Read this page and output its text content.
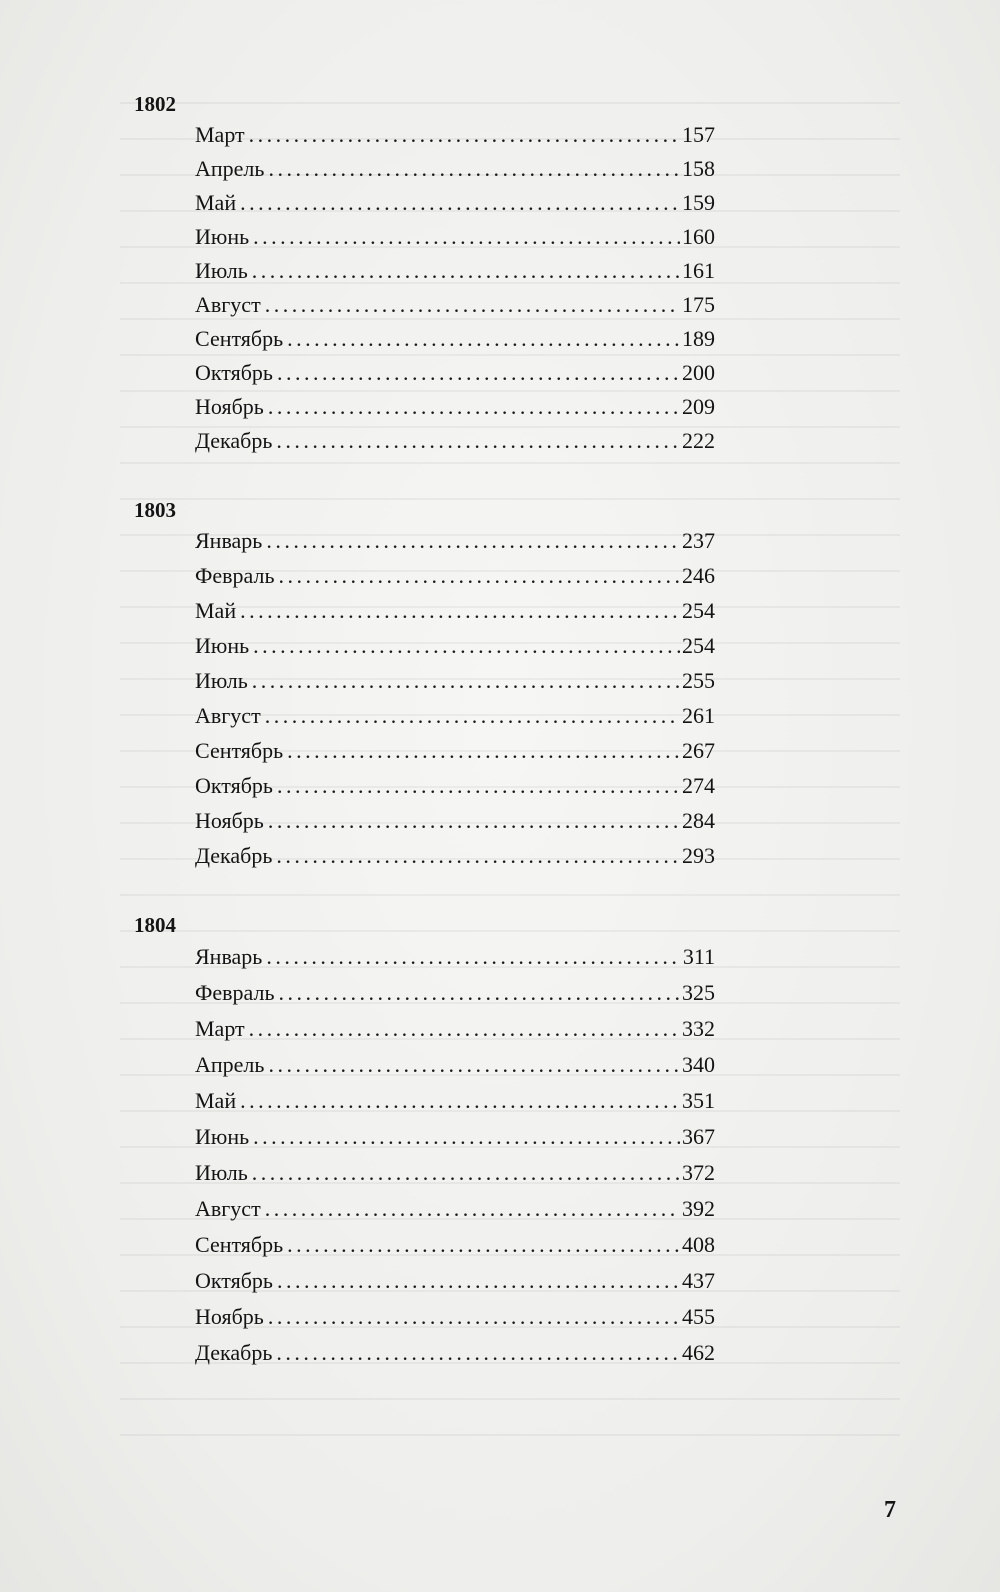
1802
Март . . .	157
Апрель . . .	158
Май . . .	159
Июнь . . .	160
Июль . . .	161
Август . . .	175
Сентябрь . . .	189
Октябрь . . .	200
Ноябрь . . .	209
Декабрь . . .	222
1803
Январь . . .	237
Февраль . . .	246
Май . . .	254
Июнь . . .	254
Июль . . .	255
Август . . .	261
Сентябрь . . .	267
Октябрь . . .	274
Ноябрь . . .	284
Декабрь . . .	293
1804
Январь . . .	311
Февраль . . .	325
Март . . .	332
Апрель . . .	340
Май . . .	351
Июнь . . .	367
Июль . . .	372
Август . . .	392
Сентябрь . . .	408
Октябрь . . .	437
Ноябрь . . .	455
Декабрь . . .	462
7
